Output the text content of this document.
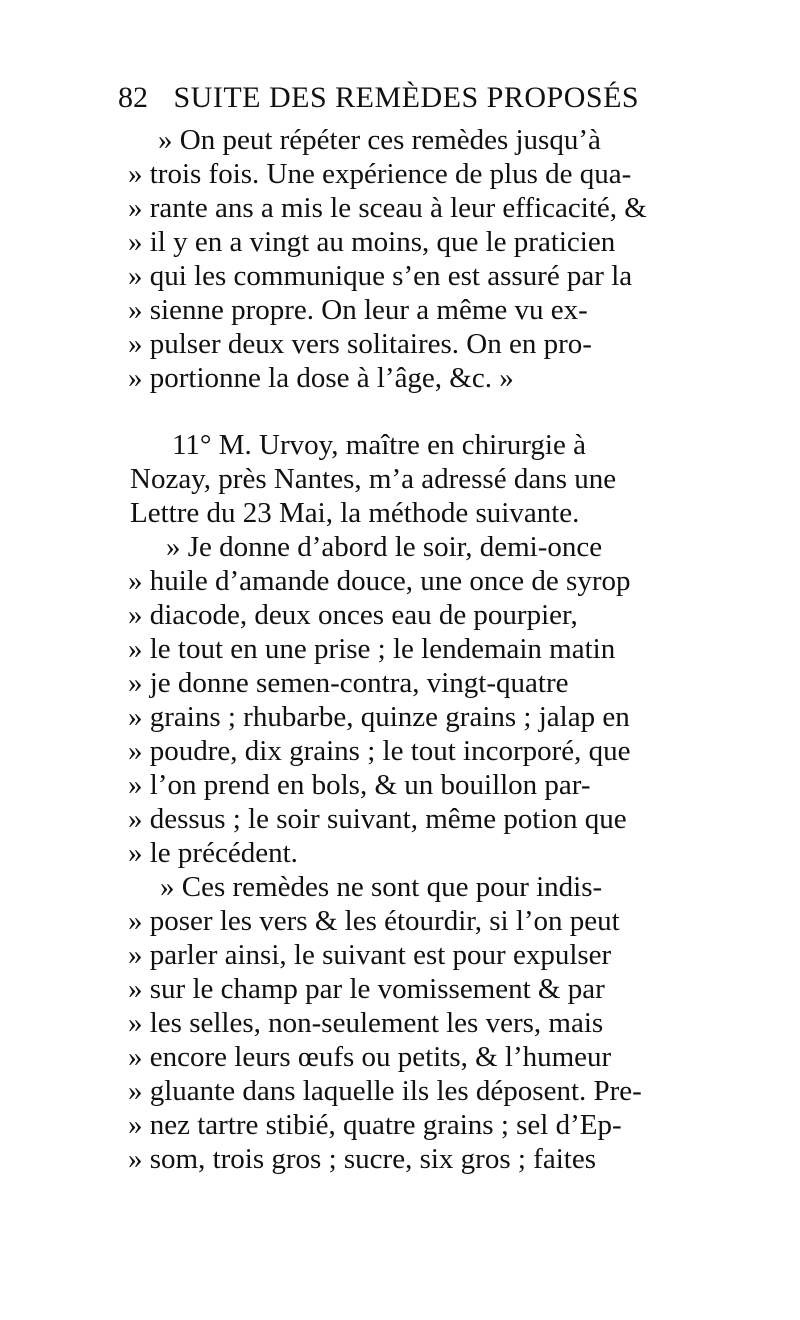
82 SUITE DES REMÈDES PROPOSÉS
» On peut répéter ces remèdes jusqu’à
» trois fois. Une expérience de plus de qua-
» rante ans a mis le sceau à leur efficacité, &
» il y en a vingt au moins, que le praticien
» qui les communique s’en est assuré par la
» sienne propre. On leur a même vu ex-
» pulser deux vers solitaires. On en pro-
» portionne la dose à l’âge, &c. »
11° M. Urvoy, maître en chirurgie à
Nozay, près Nantes, m’a adressé dans une
Lettre du 23 Mai, la méthode suivante.
» Je donne d’abord le soir, demi-once
» huile d’amande douce, une once de syrop
» diacode, deux onces eau de pourpier,
» le tout en une prise ; le lendemain matin
» je donne semen-contra, vingt-quatre
» grains ; rhubarbe, quinze grains ; jalap en
» poudre, dix grains ; le tout incorporé, que
» l’on prend en bols, & un bouillon par-
» dessus ; le soir suivant, même potion que
» le précédent.
» Ces remèdes ne sont que pour indis-
» poser les vers & les étourdir, si l’on peut
» parler ainsi, le suivant est pour expulser
» sur le champ par le vomissement & par
» les selles, non-seulement les vers, mais
» encore leurs œufs ou petits, & l’humeur
» gluante dans laquelle ils les déposent. Pre-
» nez tartre stibié, quatre grains ; sel d’Ep-
» som, trois gros ; sucre, six gros ; faites
